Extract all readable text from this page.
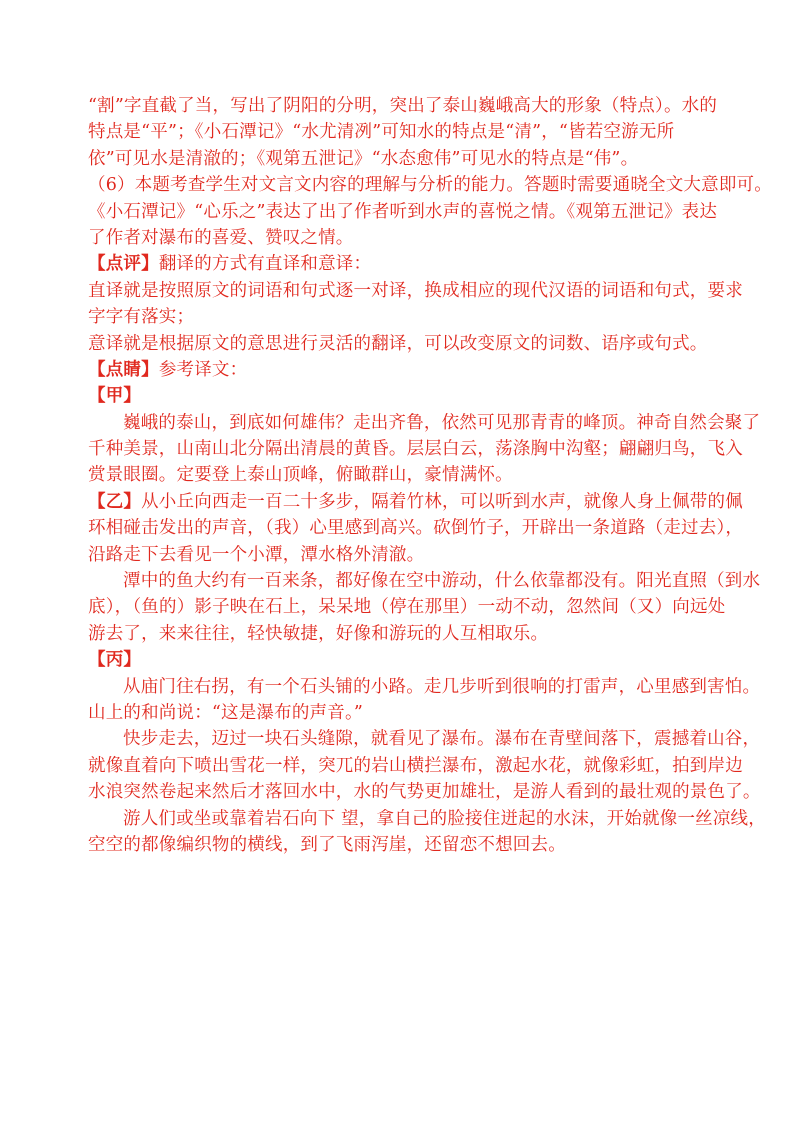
“割”字直截了当，写出了阴阳的分明，突出了泰山巍峨高大的形象（特点）。水的
特点是“平”；《小石潭记》“水尤清冽”可知水的特点是“清”，“皆若空游无所
依”可见水是清澈的；《观第五泄记》“水态愈伟”可见水的特点是“伟”。
（6）本题考查学生对文言文内容的理解与分析的能力。答题时需要通晓全文大意即可。
《小石潭记》“心乐之”表达了出了作者听到水声的喜悦之情。《观第五泄记》表达
了作者对瀑布的喜爱、赞叹之情。
【点评】翻译的方式有直译和意译：
直译就是按照原文的词语和句式逐一对译，换成相应的现代汉语的词语和句式，要求
字字有落实；
意译就是根据原文的意思进行灵活的翻译，可以改变原文的词数、语序或句式。
【点睛】参考译文：
【甲】
巍峨的泰山，到底如何雄伟？走出齐鲁，依然可见那青青的峰顶。神奇自然会聚了
千种美景，山南山北分隔出清晨的黄昏。层层白云，荡涤胸中沟壑；翩翩归鸟，飞入
赏景眼圈。定要登上泰山顶峰，俯瞰群山，豪情满怀。
【乙】从小丘向西走一百二十多步，隔着竹林，可以听到水声，就像人身上佩带的佩
环相碰击发出的声音，（我）心里感到高兴。砍倒竹子，开辟出一条道路（走过去），
沿路走下去看见一个小潭，潭水格外清澈。
潭中的鱼大约有一百来条，都好像在空中游动，什么依靠都没有。阳光直照（到水
底），（鱼的）影子映在石上，呆呆地（停在那里）一动不动，忽然间（又）向远处
游去了，来来往往，轻快敏捷，好像和游玩的人互相取乐。
【丙】
从庙门往右拐，有一个石头铺的小路。走几步听到很响的打雷声，心里感到害怕。
山上的和尚说：“这是瀑布的声音。”
快步走去，迈过一块石头缝隙，就看见了瀑布。瀑布在青壁间落下，震撼着山谷，
就像直着向下喷出雪花一样，突兀的岩山横拦瀑布，激起水花，就像彩虹，拍到岸边
水浪突然卷起来然后才落回水中，水的气势更加雄壮，是游人看到的最壮观的景色了。
游人们或坐或靠着岩石向下 望，拿自己的脸接住迸起的水沫，开始就像一丝凉线，
空空的都像编织物的横线，到了飞雨泻崖，还留恋不想回去。
